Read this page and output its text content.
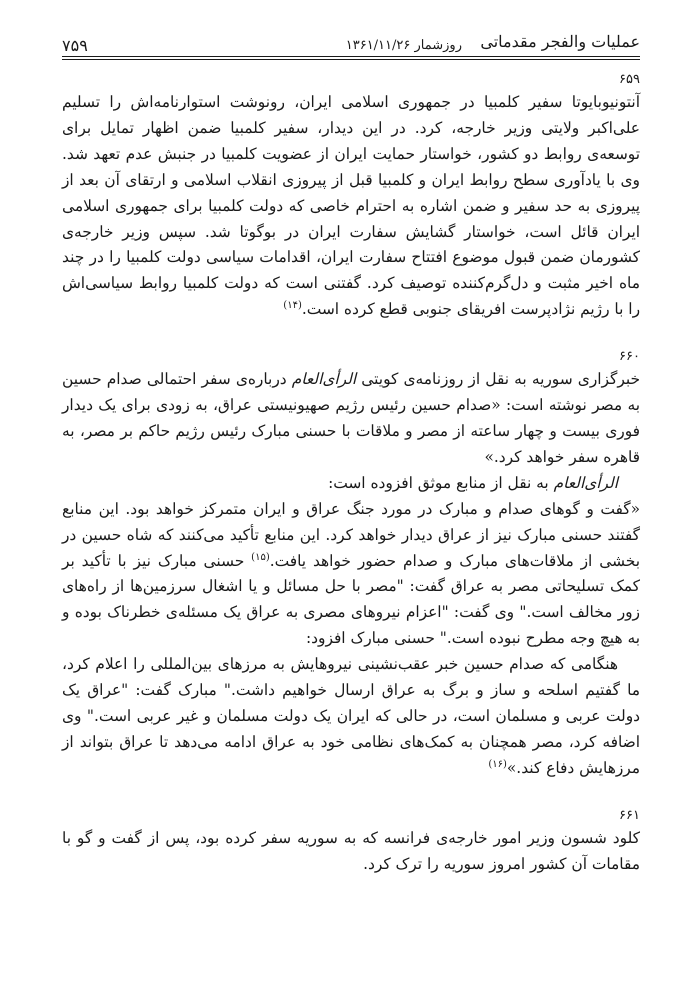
عملیات والفجر مقدماتی
روزشمار ۱۳۶۱/۱۱/۲۶
۷۵۹
۶۵۹

آنتونیوبایوتا سفیر کلمبیا در جمهوری اسلامی ایران، رونوشت استوارنامه‌اش را تسلیم علی‌اکبر ولایتی وزیر خارجه، کرد. در این دیدار، سفیر کلمبیا ضمن اظهار تمایل برای توسعه‌ی روابط دو کشور، خواستار حمایت ایران از عضویت کلمبیا در جنبش عدم تعهد شد. وی با یادآوری سطح روابط ایران و کلمبیا قبل از پیروزی انقلاب اسلامی و ارتقای آن بعد از پیروزی به حد سفیر و ضمن اشاره به احترام خاصی که دولت کلمبیا برای جمهوری اسلامی ایران قائل است، خواستار گشایش سفارت ایران در بوگوتا شد. سپس وزیر خارجه‌ی کشورمان ضمن قبول موضوع افتتاح سفارت ایران، اقدامات سیاسی دولت کلمبیا را در چند ماه اخیر مثبت و دل‌گرم‌کننده توصیف کرد. گفتنی است که دولت کلمبیا روابط سیاسی‌اش را با رژیم نژادپرست افریقای جنوبی قطع کرده است.$^{(۱۴)}$

۶۶۰

خبرگزاری سوریه به نقل از روزنامه‌ی کویتی الرأی‌العام درباره‌ی سفر احتمالی صدام حسین به مصر نوشته است: «صدام حسین رئیس رژیم صهیونیستی عراق، به زودی برای یک دیدار فوری بیست و چهار ساعته از مصر و ملاقات با حسنی مبارک رئیس رژیم حاکم بر مصر، به قاهره سفر خواهد کرد.»

الرأی‌العام به نقل از منابع موثق افزوده است:

«گفت و گوهای صدام و مبارک در مورد جنگ عراق و ایران متمرکز خواهد بود. این منابع گفتند حسنی مبارک نیز از عراق دیدار خواهد کرد. این منابع تأکید می‌کنند که شاه حسین در بخشی از ملاقات‌های مبارک و صدام حضور خواهد یافت.$^{(۱۵)}$ حسنی مبارک نیز با تأکید بر کمک تسلیحاتی مصر به عراق گفت: "مصر با حل مسائل و یا اشغال سرزمین‌ها از راه‌های زور مخالف است." وی گفت: "اعزام نیروهای مصری به عراق یک مسئله‌ی خطرناک بوده و به هیچ وجه مطرح نبوده است." حسنی مبارک افزود:

هنگامی که صدام حسین خبر عقب‌نشینی نیروهایش به مرزهای بین‌المللی را اعلام کرد، ما گفتیم اسلحه و ساز و برگ به عراق ارسال خواهیم داشت." مبارک گفت: "عراق یک دولت عربی و مسلمان است، در حالی که ایران یک دولت مسلمان و غیر عربی است." وی اضافه کرد، مصر همچنان به کمک‌های نظامی خود به عراق ادامه می‌دهد تا عراق بتواند از مرزهایش دفاع کند.»$^{(۱۶)}$

۶۶۱

کلود شسون وزیر امور خارجه‌ی فرانسه که به سوریه سفر کرده بود، پس از گفت و گو با مقامات آن کشور امروز سوریه را ترک کرد.
